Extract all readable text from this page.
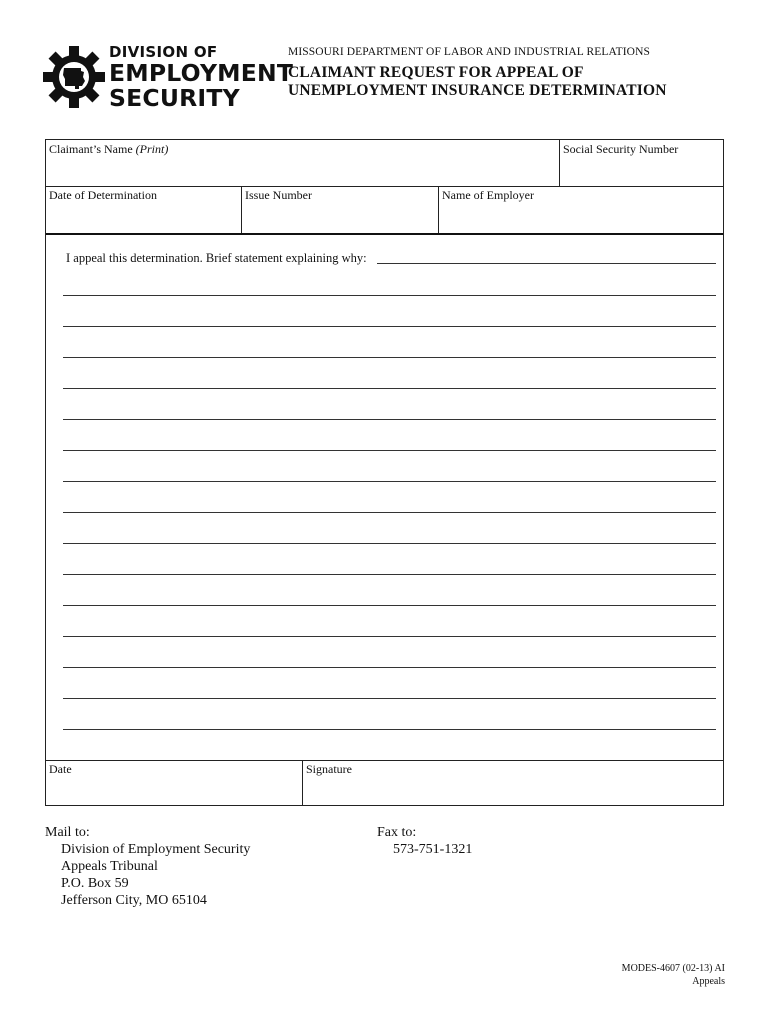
DIVISION OF
EMPLOYMENT
SECURITY
MISSOURI DEPARTMENT OF LABOR AND INDUSTRIAL RELATIONS
CLAIMANT REQUEST FOR APPEAL OF
UNEMPLOYMENT INSURANCE DETERMINATION
Claimant’s Name (Print)	Social Security Number
Date of Determination	Issue Number	Name of Employer
I appeal this determination. Brief statement explaining why:
Date	Signature
Mail to:
Division of Employment Security
Appeals Tribunal
P.O. Box 59
Jefferson City, MO 65104
Fax to:
573-751-1321
MODES-4607 (02-13) AI
Appeals
